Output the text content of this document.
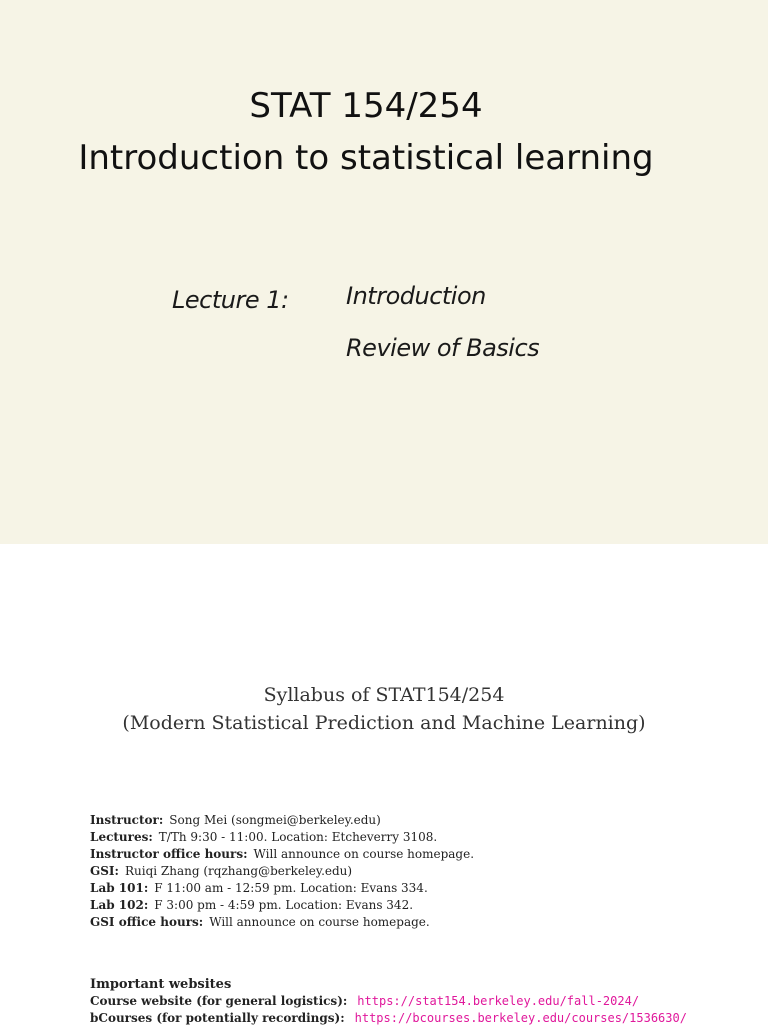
STAT 154/254
Introduction to statistical learning
Lecture 1: Introduction
Review of Basics
Syllabus of STAT154/254
(Modern Statistical Prediction and Machine Learning)
Instructor: Song Mei (songmei@berkeley.edu)
Lectures: T/Th 9:30 - 11:00. Location: Etcheverry 3108.
Instructor office hours: Will announce on course homepage.
GSI: Ruiqi Zhang (rqzhang@berkeley.edu)
Lab 101: F 11:00 am - 12:59 pm. Location: Evans 334.
Lab 102: F 3:00 pm - 4:59 pm. Location: Evans 342.
GSI office hours: Will announce on course homepage.
Important websites
Course website (for general logistics): https://stat154.berkeley.edu/fall-2024/
bCourses (for potentially recordings): https://bcourses.berkeley.edu/courses/1536630/
